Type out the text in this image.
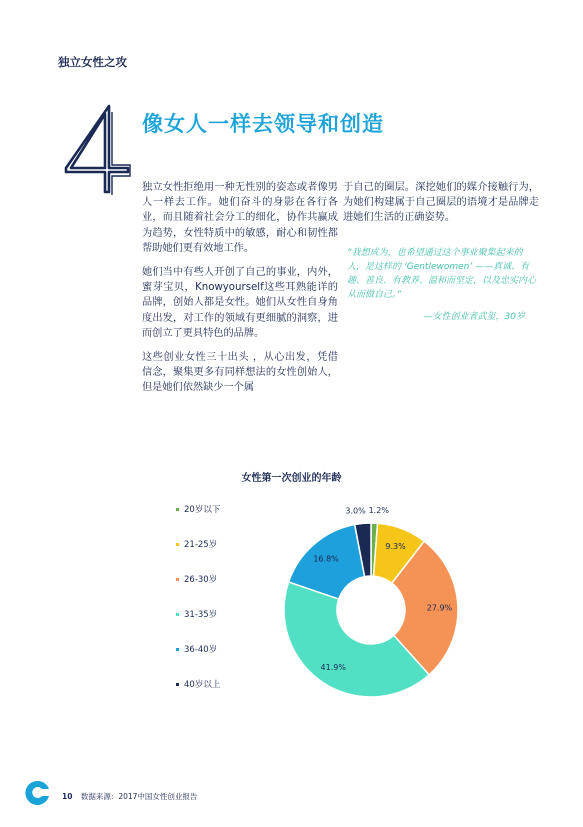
独立女性之攻
像女人一样去领导和创造

独立女性拒绝用一种无性别的姿态或者像男人一样去工作。她们奋斗的身影在各行各业，而且随着社会分工的细化，协作共赢成为趋势，女性特质中的敏感，耐心和韧性都帮助她们更有效地工作。

她们当中有些人开创了自己的事业，内外，蜜芽宝贝，Knowyourself这些耳熟能详的品牌，创始人都是女性。她们从女性自身角度出发，对工作的领域有更细腻的洞察，进而创立了更具特色的品牌。

这些创业女性三十出头 ，从心出发，凭借信念，聚集更多有同样想法的女性创始人，但是她们依然缺少一个属

于自己的圈层。深挖她们的媒介接触行为，为她们构建属于自己圈层的语境才是品牌走进她们生活的正确姿势。

“我想成为，也希望通过这个事业聚集起来的人，是这样的 ‘Gentlewomen’ ——真诚、有趣、善良、有教养、温和而坚定，以及忠实内心从而做自己。”

—女性创业者武玺，30岁
女性第一次创业的年龄
20岁以下
21-25岁
26-30岁
31-35岁
36-40岁
40岁以上
1.2%
9.3%
27.9%
41.9%
16.8%
3.0%
10 数据来源：2017中国女性创业报告
